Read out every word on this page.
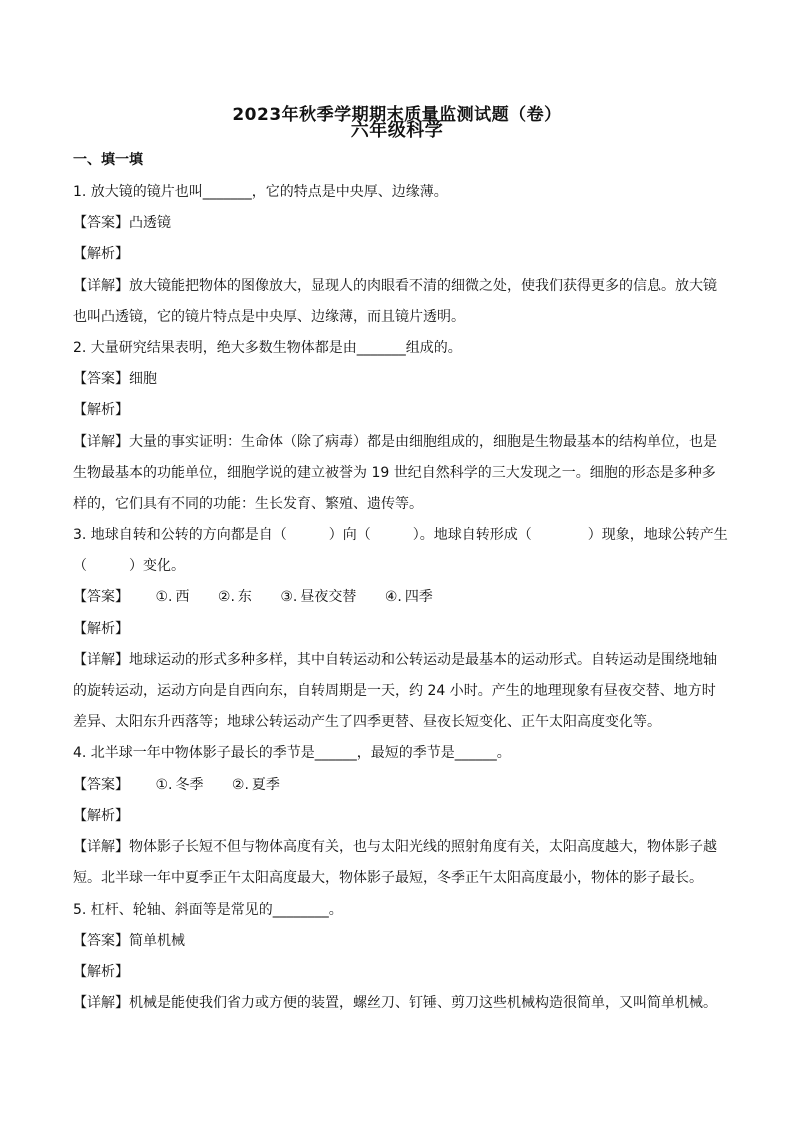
2023年秋季学期期末质量监测试题（卷）
六年级科学
一、填一填
1. 放大镜的镜片也叫_______，它的特点是中央厚、边缘薄。
【答案】凸透镜
【解析】
【详解】放大镜能把物体的图像放大，显现人的肉眼看不清的细微之处，使我们获得更多的信息。放大镜
也叫凸透镜，它的镜片特点是中央厚、边缘薄，而且镜片透明。
2. 大量研究结果表明，绝大多数生物体都是由_______组成的。
【答案】细胞
【解析】
【详解】大量的事实证明：生命体（除了病毒）都是由细胞组成的，细胞是生物最基本的结构单位，也是
生物最基本的功能单位，细胞学说的建立被誉为 19 世纪自然科学的三大发现之一。细胞的形态是多种多
样的，它们具有不同的功能：生长发育、繁殖、遗传等。
3. 地球自转和公转的方向都是自（　　　）向（　　　）。地球自转形成（　　　　）现象，地球公转产生
（　　　）变化。
【答案】 ①. 西 ②. 东 ③. 昼夜交替 ④. 四季
【解析】
【详解】地球运动的形式多种多样，其中自转运动和公转运动是最基本的运动形式。自转运动是围绕地轴
的旋转运动，运动方向是自西向东，自转周期是一天，约 24 小时。产生的地理现象有昼夜交替、地方时
差异、太阳东升西落等；地球公转运动产生了四季更替、昼夜长短变化、正午太阳高度变化等。
4. 北半球一年中物体影子最长的季节是______，最短的季节是______。
【答案】 ①. 冬季 ②. 夏季
【解析】
【详解】物体影子长短不但与物体高度有关，也与太阳光线的照射角度有关，太阳高度越大，物体影子越
短。北半球一年中夏季正午太阳高度最大，物体影子最短，冬季正午太阳高度最小，物体的影子最长。
5. 杠杆、轮轴、斜面等是常见的________。
【答案】简单机械
【解析】
【详解】机械是能使我们省力或方便的装置，螺丝刀、钉锤、剪刀这些机械构造很简单，又叫简单机械。
